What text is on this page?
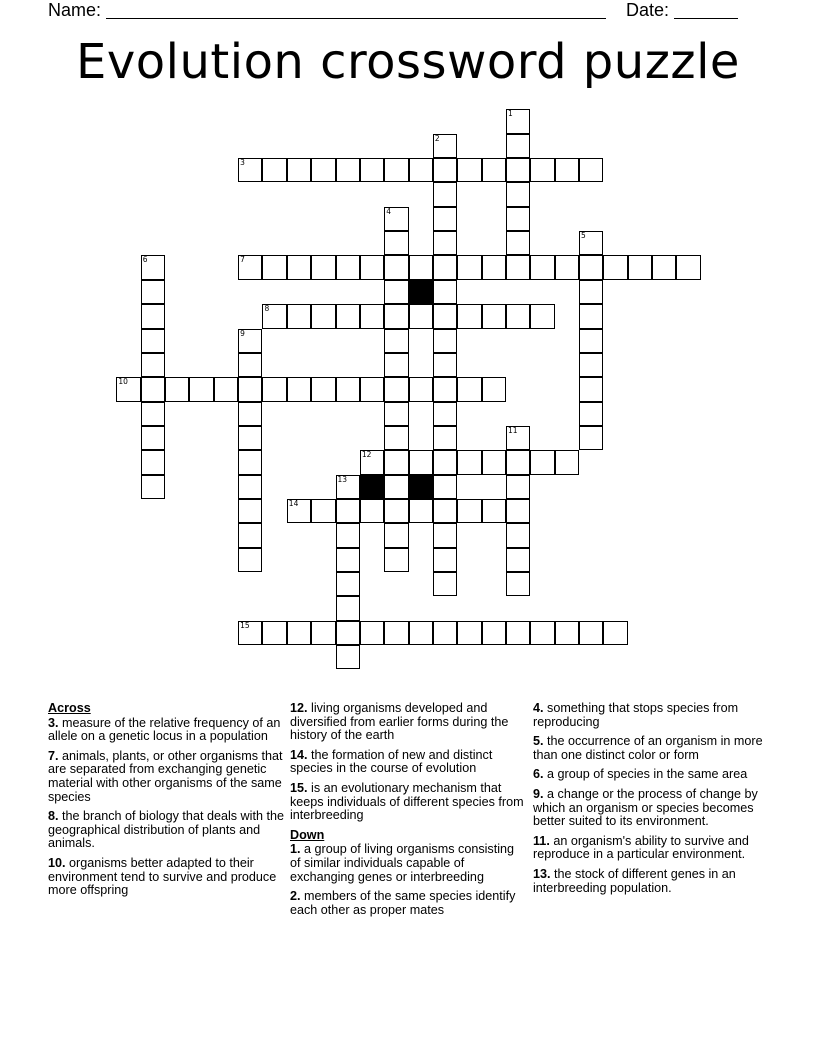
Name:	Date:
Evolution crossword puzzle
1
2
3
4
5
6	7
8
9
10
11
12
13
14
15
Across
3. measure of the relative frequency of an allele on a genetic locus in a population
7. animals, plants, or other organisms that are separated from exchanging genetic material with other organisms of the same species
8. the branch of biology that deals with the geographical distribution of plants and animals.
10. organisms better adapted to their environment tend to survive and produce more offspring
12. living organisms developed and diversified from earlier forms during the history of the earth
14. the formation of new and distinct species in the course of evolution
15. is an evolutionary mechanism that keeps individuals of different species from interbreeding
Down
1. a group of living organisms consisting of similar individuals capable of exchanging genes or interbreeding
2. members of the same species identify each other as proper mates
4. something that stops species from reproducing
5. the occurrence of an organism in more than one distinct color or form
6. a group of species in the same area
9. a change or the process of change by which an organism or species becomes better suited to its environment.
11. an organism's ability to survive and reproduce in a particular environment.
13. the stock of different genes in an interbreeding population.
